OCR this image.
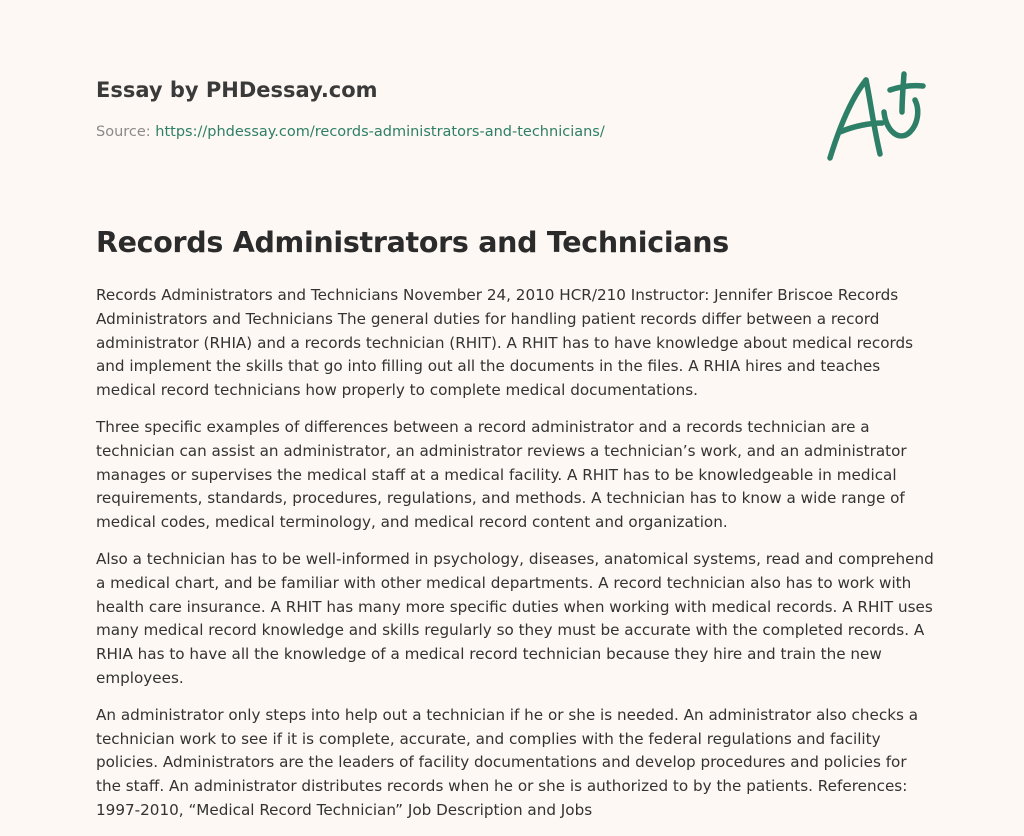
Essay by PHDessay.com

Source: https://phdessay.com/records-administrators-and-technicians/
Records Administrators and Technicians

Records Administrators and Technicians November 24, 2010 HCR/210 Instructor: Jennifer Briscoe Records Administrators and Technicians The general duties for handling patient records differ between a record administrator (RHIA) and a records technician (RHIT). A RHIT has to have knowledge about medical records and implement the skills that go into filling out all the documents in the files. A RHIA hires and teaches medical record technicians how properly to complete medical documentations.

Three specific examples of differences between a record administrator and a records technician are a technician can assist an administrator, an administrator reviews a technician’s work, and an administrator manages or supervises the medical staff at a medical facility. A RHIT has to be knowledgeable in medical requirements, standards, procedures, regulations, and methods. A technician has to know a wide range of medical codes, medical terminology, and medical record content and organization.

Also a technician has to be well-informed in psychology, diseases, anatomical systems, read and comprehend a medical chart, and be familiar with other medical departments. A record technician also has to work with health care insurance. A RHIT has many more specific duties when working with medical records. A RHIT uses many medical record knowledge and skills regularly so they must be accurate with the completed records. A RHIA has to have all the knowledge of a medical record technician because they hire and train the new employees.

An administrator only steps into help out a technician if he or she is needed. An administrator also checks a technician work to see if it is complete, accurate, and complies with the federal regulations and facility policies. Administrators are the leaders of facility documentations and develop procedures and policies for the staff. An administrator distributes records when he or she is authorized to by the patients. References: 1997-2010, “Medical Record Technician” Job Description and Jobs
